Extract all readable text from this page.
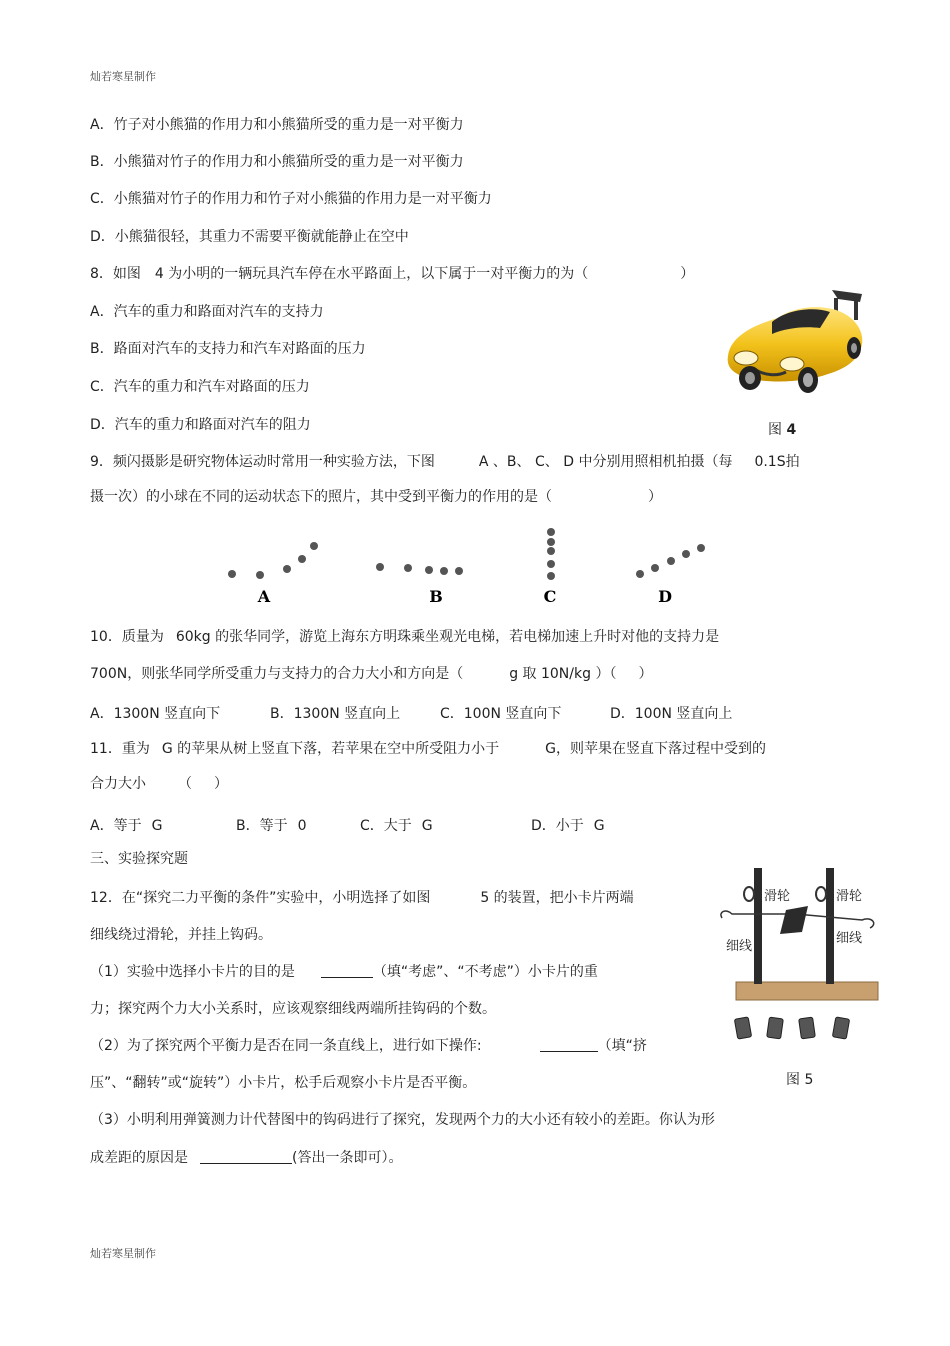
灿若寒星制作
A．竹子对小熊猫的作用力和小熊猫所受的重力是一对平衡力
B．小熊猫对竹子的作用力和小熊猫所受的重力是一对平衡力
C．小熊猫对竹子的作用力和竹子对小熊猫的作用力是一对平衡力
D．小熊猫很轻，其重力不需要平衡就能静止在空中
8．如图 4 为小明的一辆玩具汽车停在水平路面上，以下属于一对平衡力的为（	）
A．汽车的重力和路面对汽车的支持力
B．路面对汽车的支持力和汽车对路面的压力
C．汽车的重力和汽车对路面的压力
D．汽车的重力和路面对汽车的阻力	图 4
9．频闪摄影是研究物体运动时常用一种实验方法，下图	A 、B、 C、 D 中分别用照相机拍摄（每 0.1S拍
摄一次）的小球在不同的运动状态下的照片，其中受到平衡力的作用的是（	）
A	B	C	D
10．质量为 60kg 的张华同学，游览上海东方明珠乘坐观光电梯，若电梯加速上升时对他的支持力是
700N，则张华同学所受重力与支持力的合力大小和方向是（	g 取 10N/kg ）（ ）
A．1300N 竖直向下	B．1300N 竖直向上	C．100N 竖直向下	D．100N 竖直向上
11．重为 G 的苹果从树上竖直下落，若苹果在空中所受阻力小于	G，则苹果在竖直下落过程中受到的
合力大小 （ ）
A．等于 G	B．等于 0	C．大于 G	D．小于 G
三、实验探究题
12．在“探究二力平衡的条件”实验中，小明选择了如图	5 的装置，把小卡片两端
细线绕过滑轮，并挂上钩码。
（1）实验中选择小卡片的目的是	（填“考虑”、“不考虑”）小卡片的重
力；探究两个力大小关系时，应该观察细线两端所挂钩码的个数。
（2）为了探究两个平衡力是否在同一条直线上，进行如下操作:	（填“挤
压”、“翻转”或“旋转”）小卡片，松手后观察小卡片是否平衡。
（3）小明利用弹簧测力计代替图中的钩码进行了探究，发现两个力的大小还有较小的差距。你认为形
成差距的原因是	(答出一条即可）。
滑轮	滑轮
细线
细线
图 5
灿若寒星制作
